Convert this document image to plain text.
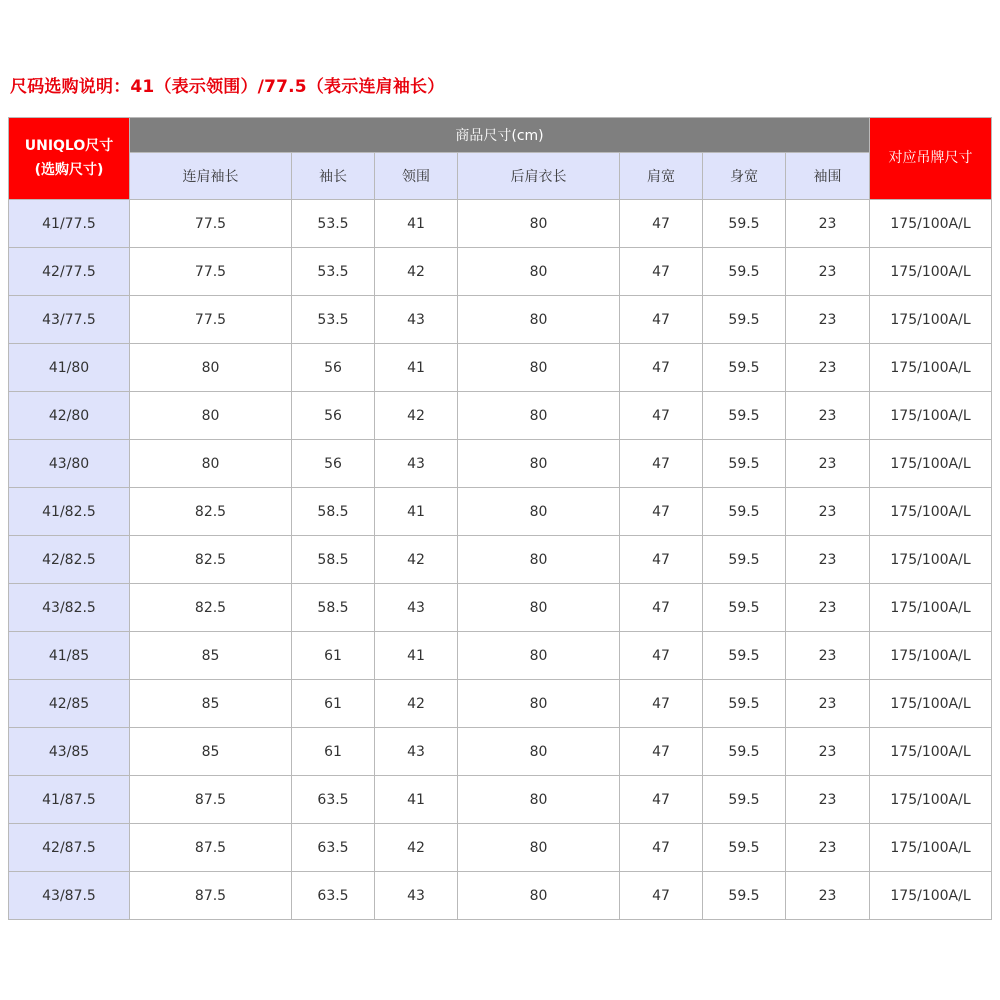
尺码选购说明：41（表示领围）/77.5（表示连肩袖长）
UNIQLO尺寸
(选购尺寸)	商品尺寸(cm)							对应吊牌尺寸
	连肩袖长	袖长	领围	后肩衣长	肩宽	身宽	袖围	
41/77.5	77.5	53.5	41	80	47	59.5	23	175/100A/L
42/77.5	77.5	53.5	42	80	47	59.5	23	175/100A/L
43/77.5	77.5	53.5	43	80	47	59.5	23	175/100A/L
41/80	80	56	41	80	47	59.5	23	175/100A/L
42/80	80	56	42	80	47	59.5	23	175/100A/L
43/80	80	56	43	80	47	59.5	23	175/100A/L
41/82.5	82.5	58.5	41	80	47	59.5	23	175/100A/L
42/82.5	82.5	58.5	42	80	47	59.5	23	175/100A/L
43/82.5	82.5	58.5	43	80	47	59.5	23	175/100A/L
41/85	85	61	41	80	47	59.5	23	175/100A/L
42/85	85	61	42	80	47	59.5	23	175/100A/L
43/85	85	61	43	80	47	59.5	23	175/100A/L
41/87.5	87.5	63.5	41	80	47	59.5	23	175/100A/L
42/87.5	87.5	63.5	42	80	47	59.5	23	175/100A/L
43/87.5	87.5	63.5	43	80	47	59.5	23	175/100A/L
